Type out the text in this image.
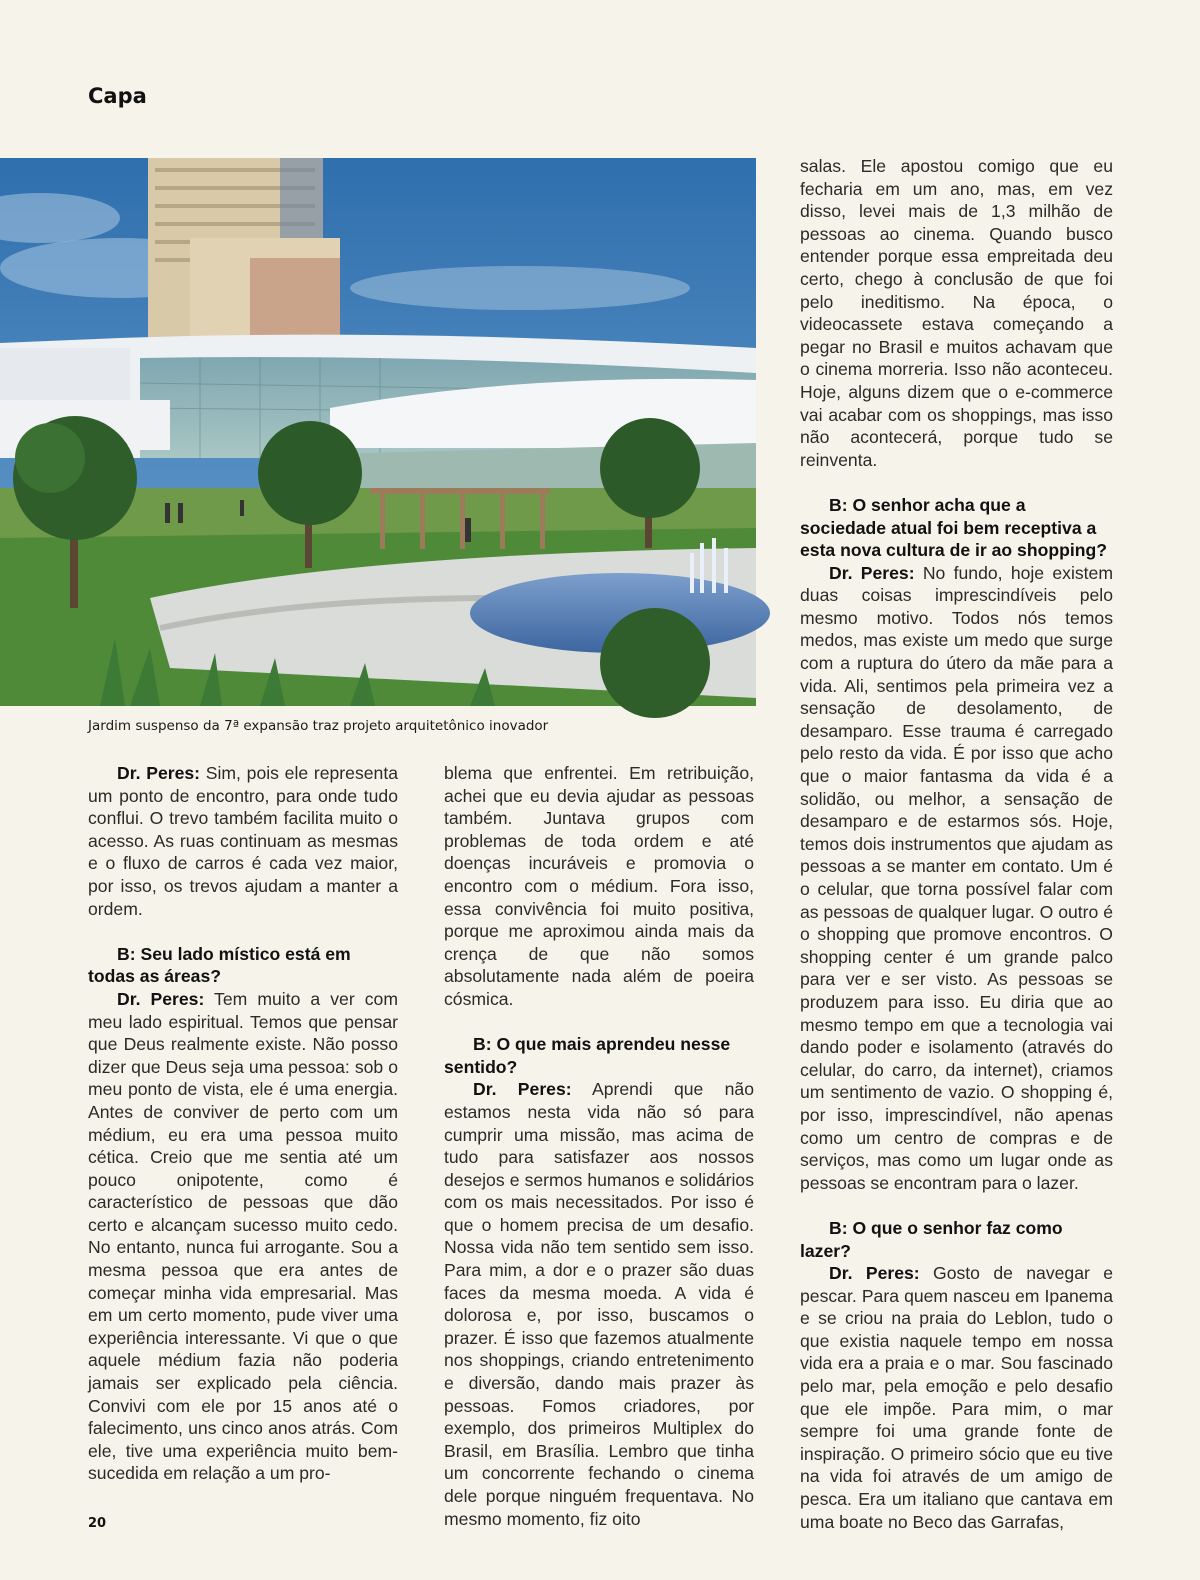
Capa
Jardim suspenso da 7ª expansão traz projeto arquitetônico inovador

Dr. Peres: Sim, pois ele representa um ponto de encontro, para onde tudo conflui. O trevo também facilita muito o acesso. As ruas continuam as mesmas e o fluxo de carros é cada vez maior, por isso, os trevos ajudam a manter a ordem.

B: Seu lado místico está em todas as áreas?

Dr. Peres: Tem muito a ver com meu lado espiritual. Temos que pensar que Deus realmente existe. Não posso dizer que Deus seja uma pessoa: sob o meu ponto de vista, ele é uma energia. Antes de conviver de perto com um médium, eu era uma pessoa muito cética. Creio que me sentia até um pouco onipotente, como é característico de pessoas que dão certo e alcançam sucesso muito cedo. No entanto, nunca fui arrogante. Sou a mesma pessoa que era antes de começar minha vida empresarial. Mas em um certo momento, pude viver uma experiência interessante. Vi que o que aquele médium fazia não poderia jamais ser explicado pela ciência. Convivi com ele por 15 anos até o falecimento, uns cinco anos atrás. Com ele, tive uma experiência muito bem-sucedida em relação a um pro-

blema que enfrentei. Em retribuição, achei que eu devia ajudar as pessoas também. Juntava grupos com problemas de toda ordem e até doenças incuráveis e promovia o encontro com o médium. Fora isso, essa convivência foi muito positiva, porque me aproximou ainda mais da crença de que não somos absolutamente nada além de poeira cósmica.

B: O que mais aprendeu nesse sentido?

Dr. Peres: Aprendi que não estamos nesta vida não só para cumprir uma missão, mas acima de tudo para satisfazer aos nossos desejos e sermos humanos e solidários com os mais necessitados. Por isso é que o homem precisa de um desafio. Nossa vida não tem sentido sem isso. Para mim, a dor e o prazer são duas faces da mesma moeda. A vida é dolorosa e, por isso, buscamos o prazer. É isso que fazemos atualmente nos shoppings, criando entretenimento e diversão, dando mais prazer às pessoas. Fomos criadores, por exemplo, dos primeiros Multiplex do Brasil, em Brasília. Lembro que tinha um concorrente fechando o cinema dele porque ninguém frequentava. No mesmo momento, fiz oito

salas. Ele apostou comigo que eu fecharia em um ano, mas, em vez disso, levei mais de 1,3 milhão de pessoas ao cinema. Quando busco entender porque essa empreitada deu certo, chego à conclusão de que foi pelo ineditismo. Na época, o videocassete estava começando a pegar no Brasil e muitos achavam que o cinema morreria. Isso não aconteceu. Hoje, alguns dizem que o e-commerce vai acabar com os shoppings, mas isso não acontecerá, porque tudo se reinventa.

B: O senhor acha que a sociedade atual foi bem receptiva a esta nova cultura de ir ao shopping?

Dr. Peres: No fundo, hoje existem duas coisas imprescindíveis pelo mesmo motivo. Todos nós temos medos, mas existe um medo que surge com a ruptura do útero da mãe para a vida. Ali, sentimos pela primeira vez a sensação de desolamento, de desamparo. Esse trauma é carregado pelo resto da vida. É por isso que acho que o maior fantasma da vida é a solidão, ou melhor, a sensação de desamparo e de estarmos sós. Hoje, temos dois instrumentos que ajudam as pessoas a se manter em contato. Um é o celular, que torna possível falar com as pessoas de qualquer lugar. O outro é o shopping que promove encontros. O shopping center é um grande palco para ver e ser visto. As pessoas se produzem para isso. Eu diria que ao mesmo tempo em que a tecnologia vai dando poder e isolamento (através do celular, do carro, da internet), criamos um sentimento de vazio. O shopping é, por isso, imprescindível, não apenas como um centro de compras e de serviços, mas como um lugar onde as pessoas se encontram para o lazer.

B: O que o senhor faz como lazer?

Dr. Peres: Gosto de navegar e pescar. Para quem nasceu em Ipanema e se criou na praia do Leblon, tudo o que existia naquele tempo em nossa vida era a praia e o mar. Sou fascinado pelo mar, pela emoção e pelo desafio que ele impõe. Para mim, o mar sempre foi uma grande fonte de inspiração. O primeiro sócio que eu tive na vida foi através de um amigo de pesca. Era um italiano que cantava em uma boate no Beco das Garrafas,

20
